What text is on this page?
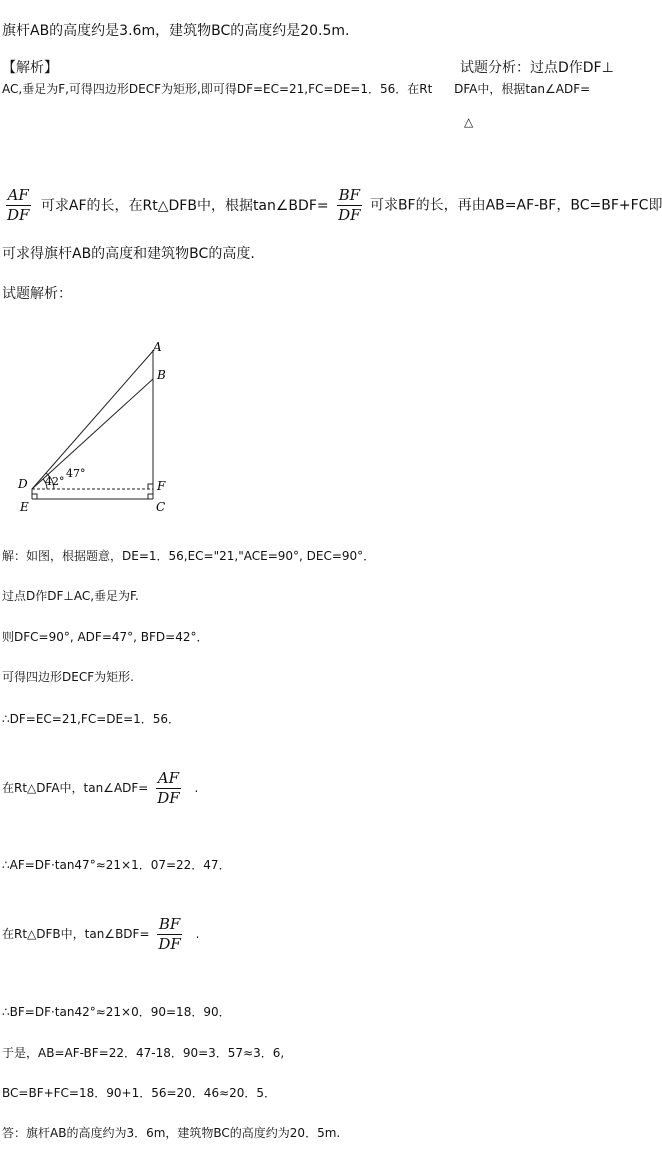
旗杆AB的高度约是3.6m，建筑物BC的高度约是20.5m.
【解析】	试题分析：过点D作DF⊥
AC,垂足为F,可得四边形DECF为矩形,即可得DF=EC=21,FC=DE=1．56．在Rt DFA中，根据tan∠ADF=
△
$\frac{AF}{DF}$ 可求AF的长，在Rt△DFB中，根据tan∠BDF= $\frac{BF}{DF}$ 可求BF的长，再由AB=AF-BF，BC=BF+FC即
可求得旗杆AB的高度和建筑物BC的高度.
试题解析：
A
B
D	F
E	C
47°
42°
解：如图，根据题意，DE=1．56,EC="21,"ACE=90°, DEC=90°．
过点D作DF⊥AC,垂足为F.
则DFC=90°, ADF=47°, BFD=42°．
可得四边形DECF为矩形.
∴DF=EC=21,FC=DE=1．56．
在Rt△DFA中，tan∠ADF= $\frac{AF}{DF}$ .
∴AF=DF·tan47°≈21×1．07=22．47．
在Rt△DFB中，tan∠BDF= $\frac{BF}{DF}$ .
∴BF=DF·tan42°≈21×0．90=18．90．
于是，AB=AF-BF=22．47-18．90=3．57≈3．6,
BC=BF+FC=18．90+1．56=20．46≈20．5．
答：旗杆AB的高度约为3．6m，建筑物BC的高度约为20．5m.
